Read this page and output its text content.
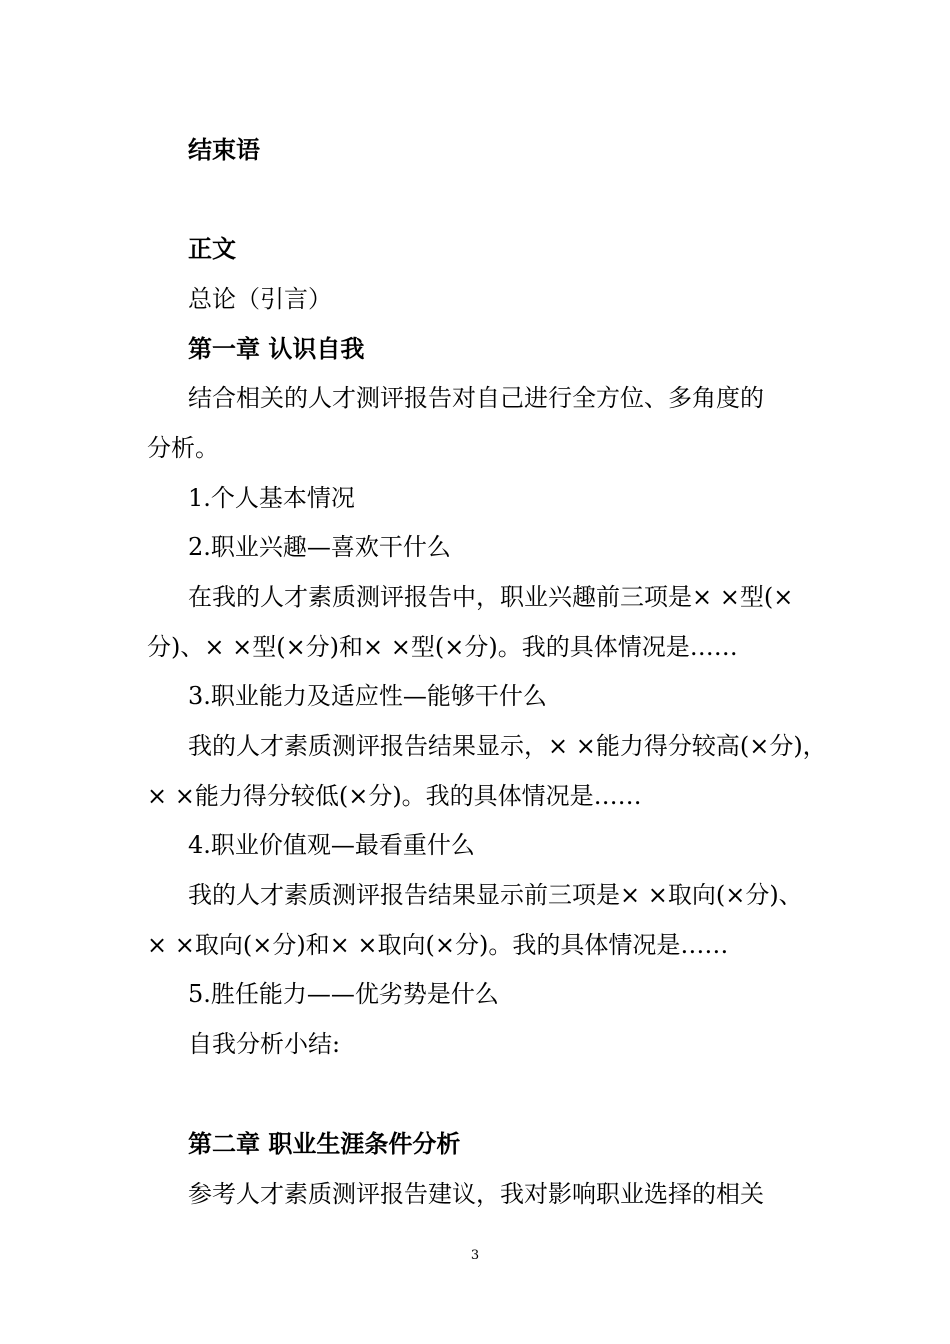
结束语
正文
总论（引言）
第一章 认识自我
结合相关的人才测评报告对自己进行全方位、多角度的
分析。
1.个人基本情况
2.职业兴趣—喜欢干什么
在我的人才素质测评报告中，职业兴趣前三项是× ×型(×
分)、× ×型(×分)和× ×型(×分)。我的具体情况是……
3.职业能力及适应性—能够干什么
我的人才素质测评报告结果显示，× ×能力得分较高(×分)，
× ×能力得分较低(×分)。我的具体情况是……
4.职业价值观—最看重什么
我的人才素质测评报告结果显示前三项是× ×取向(×分)、
× ×取向(×分)和× ×取向(×分)。我的具体情况是……
5.胜任能力——优劣势是什么
自我分析小结:
第二章 职业生涯条件分析
参考人才素质测评报告建议，我对影响职业选择的相关
3
